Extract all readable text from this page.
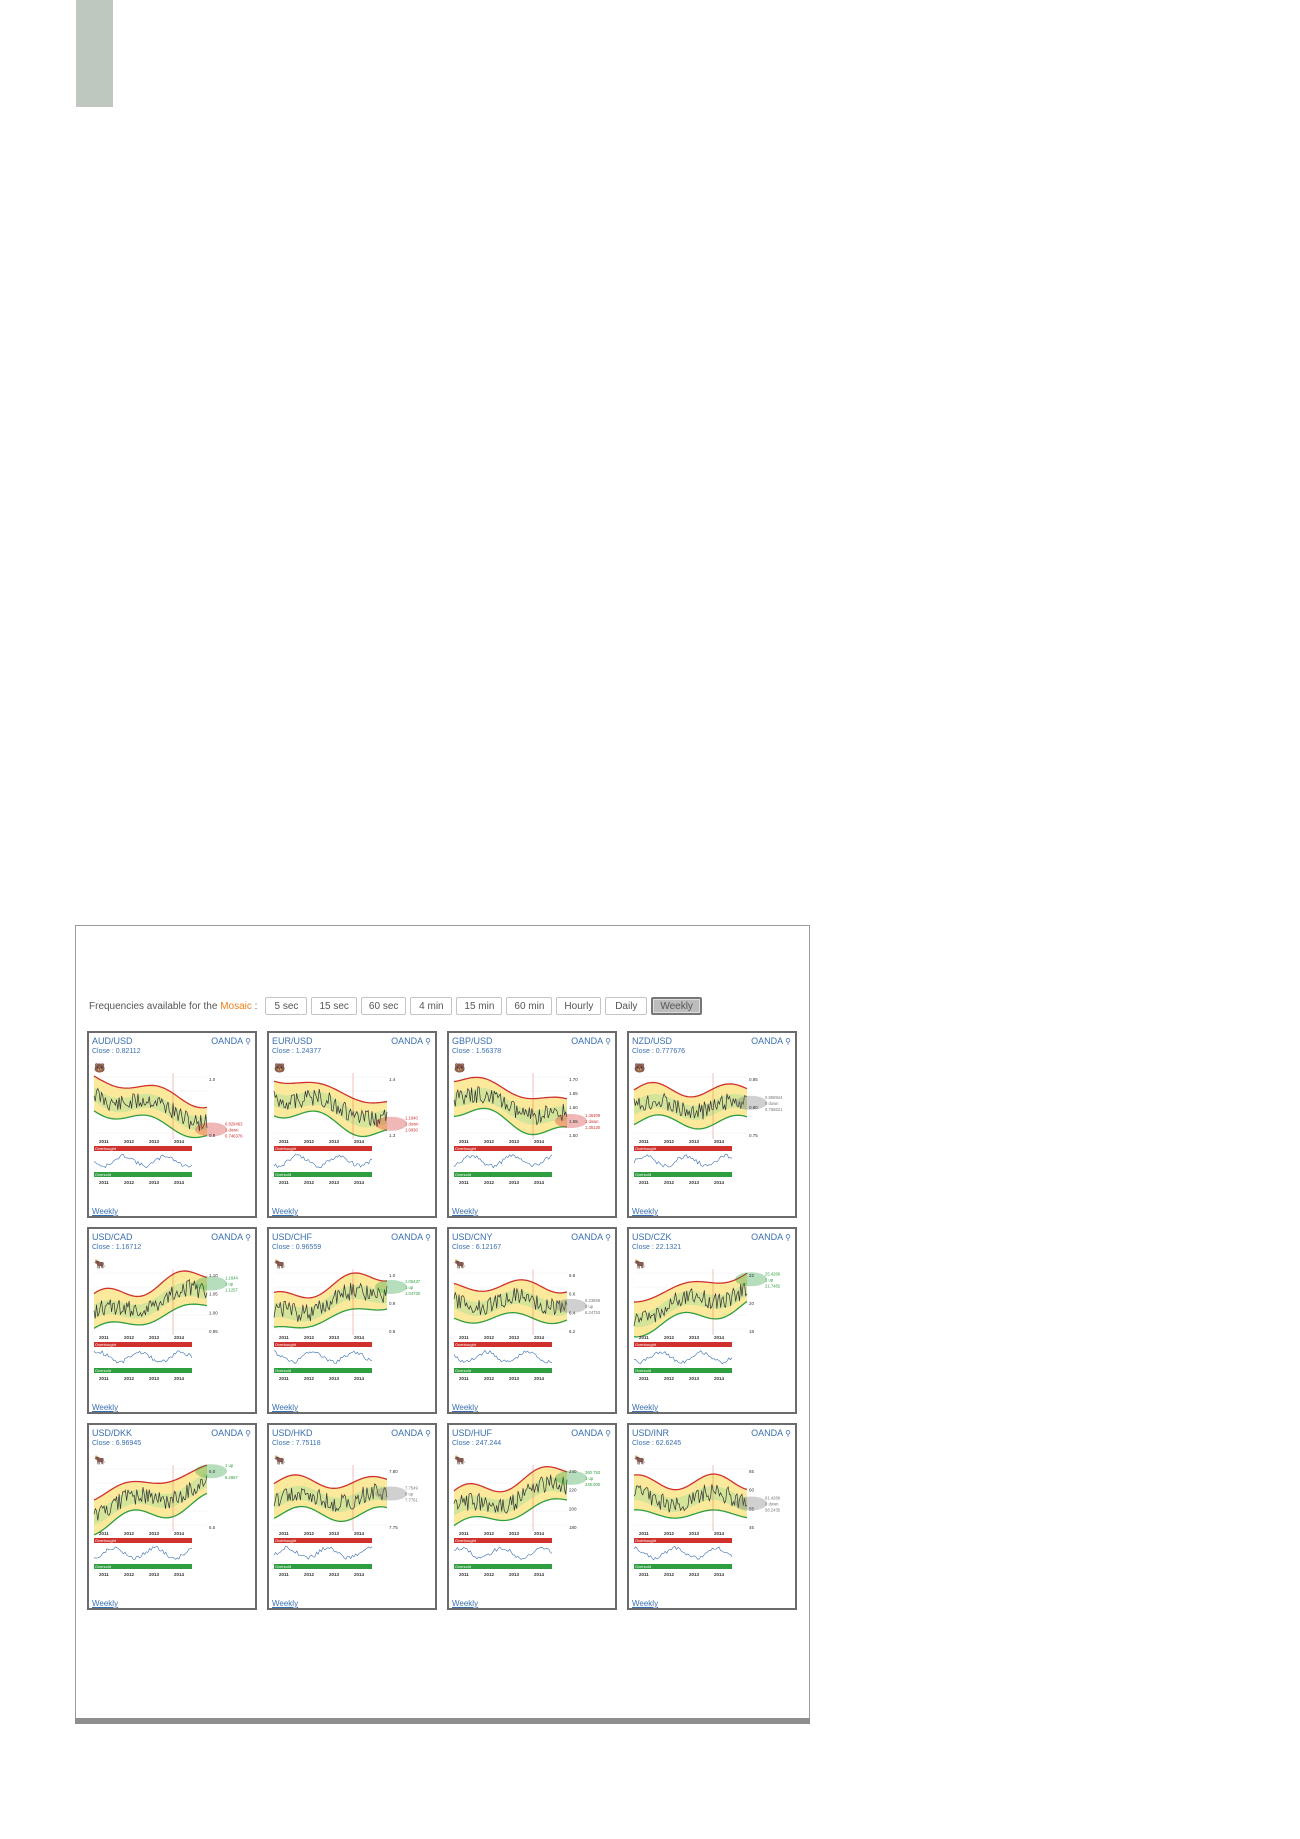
Frequencies available for the Mosaic :	5 sec	15 sec	60 sec	4 min	15 min	60 min	Hourly	Daily	Weekly
AUD/USD	OANDA ⚲
Close : 0.82112
🐻
1.0
0.9
0.829463
1 down
0.746376
2011	2012	2013	2014
Overbought
Oversold
2011	2012	2013	2014
Weekly
EUR/USD	OANDA ⚲
Close : 1.24377
🐻
1.4
1.3
1.1940
1 down
1.0930
2011	2012	2013	2014
Overbought
Oversold
2011	2012	2013	2014
Weekly
GBP/USD	OANDA ⚲
Close : 1.56378
🐻
1.70
1.65
1.60
1.55
1.50
1.46309
1 down
1.35130
2011	2012	2013	2014
Overbought
Oversold
2011	2012	2013	2014
Weekly
NZD/USD	OANDA ⚲
Close : 0.777676
🐻
0.85
0.80
0.75
0.808944
0 down
0.768621
2011	2012	2013	2014
Overbought
Oversold
2011	2012	2013	2014
Weekly
USD/CAD	OANDA ⚲
Close : 1.16712
🐂
1.10
1.05
1.00
0.95
1.1644
1 up
1.1257
2011	2012	2013	2014
Overbought
Oversold
2011	2012	2013	2014
Weekly
USD/CHF	OANDA ⚲
Close : 0.96559
🐂
1.0
0.9
0.8
1.05437
1 up
1.04730
2011	2012	2013	2014
Overbought
Oversold
2011	2012	2013	2014
Weekly
USD/CNY	OANDA ⚲
Close : 6.12167
🐂
6.8
6.6
6.4
6.2
6.23869
0 up
6.24753
2011	2012	2013	2014
Overbought
Oversold
2011	2012	2013	2014
Weekly
USD/CZK	OANDA ⚲
Close : 22.1321
🐂
22
20
18
25.4266
1 up
21.7482
2011	2012	2013	2014
Overbought
Oversold
2011	2012	2013	2014
Weekly
USD/DKK	OANDA ⚲
Close : 6.96945
🐂
6.0
5.5
1 up
6.2667
2011	2012	2013	2014
Overbought
Oversold
2011	2012	2013	2014
Weekly
USD/HKD	OANDA ⚲
Close : 7.75118
🐂
7.80
7.75
7.7549
0 up
7.7761
2011	2012	2013	2014
Overbought
Oversold
2011	2012	2013	2014
Weekly
USD/HUF	OANDA ⚲
Close : 247.244
🐂
240
220
200
180
260.793
1 up
246.000
2011	2012	2013	2014
Overbought
Oversold
2011	2012	2013	2014
Weekly
USD/INR	OANDA ⚲
Close : 62.6245
🐂
65
60
55
45
61.4289
0 down
58.2435
2011	2012	2013	2014
Overbought
Oversold
2011	2012	2013	2014
Weekly
